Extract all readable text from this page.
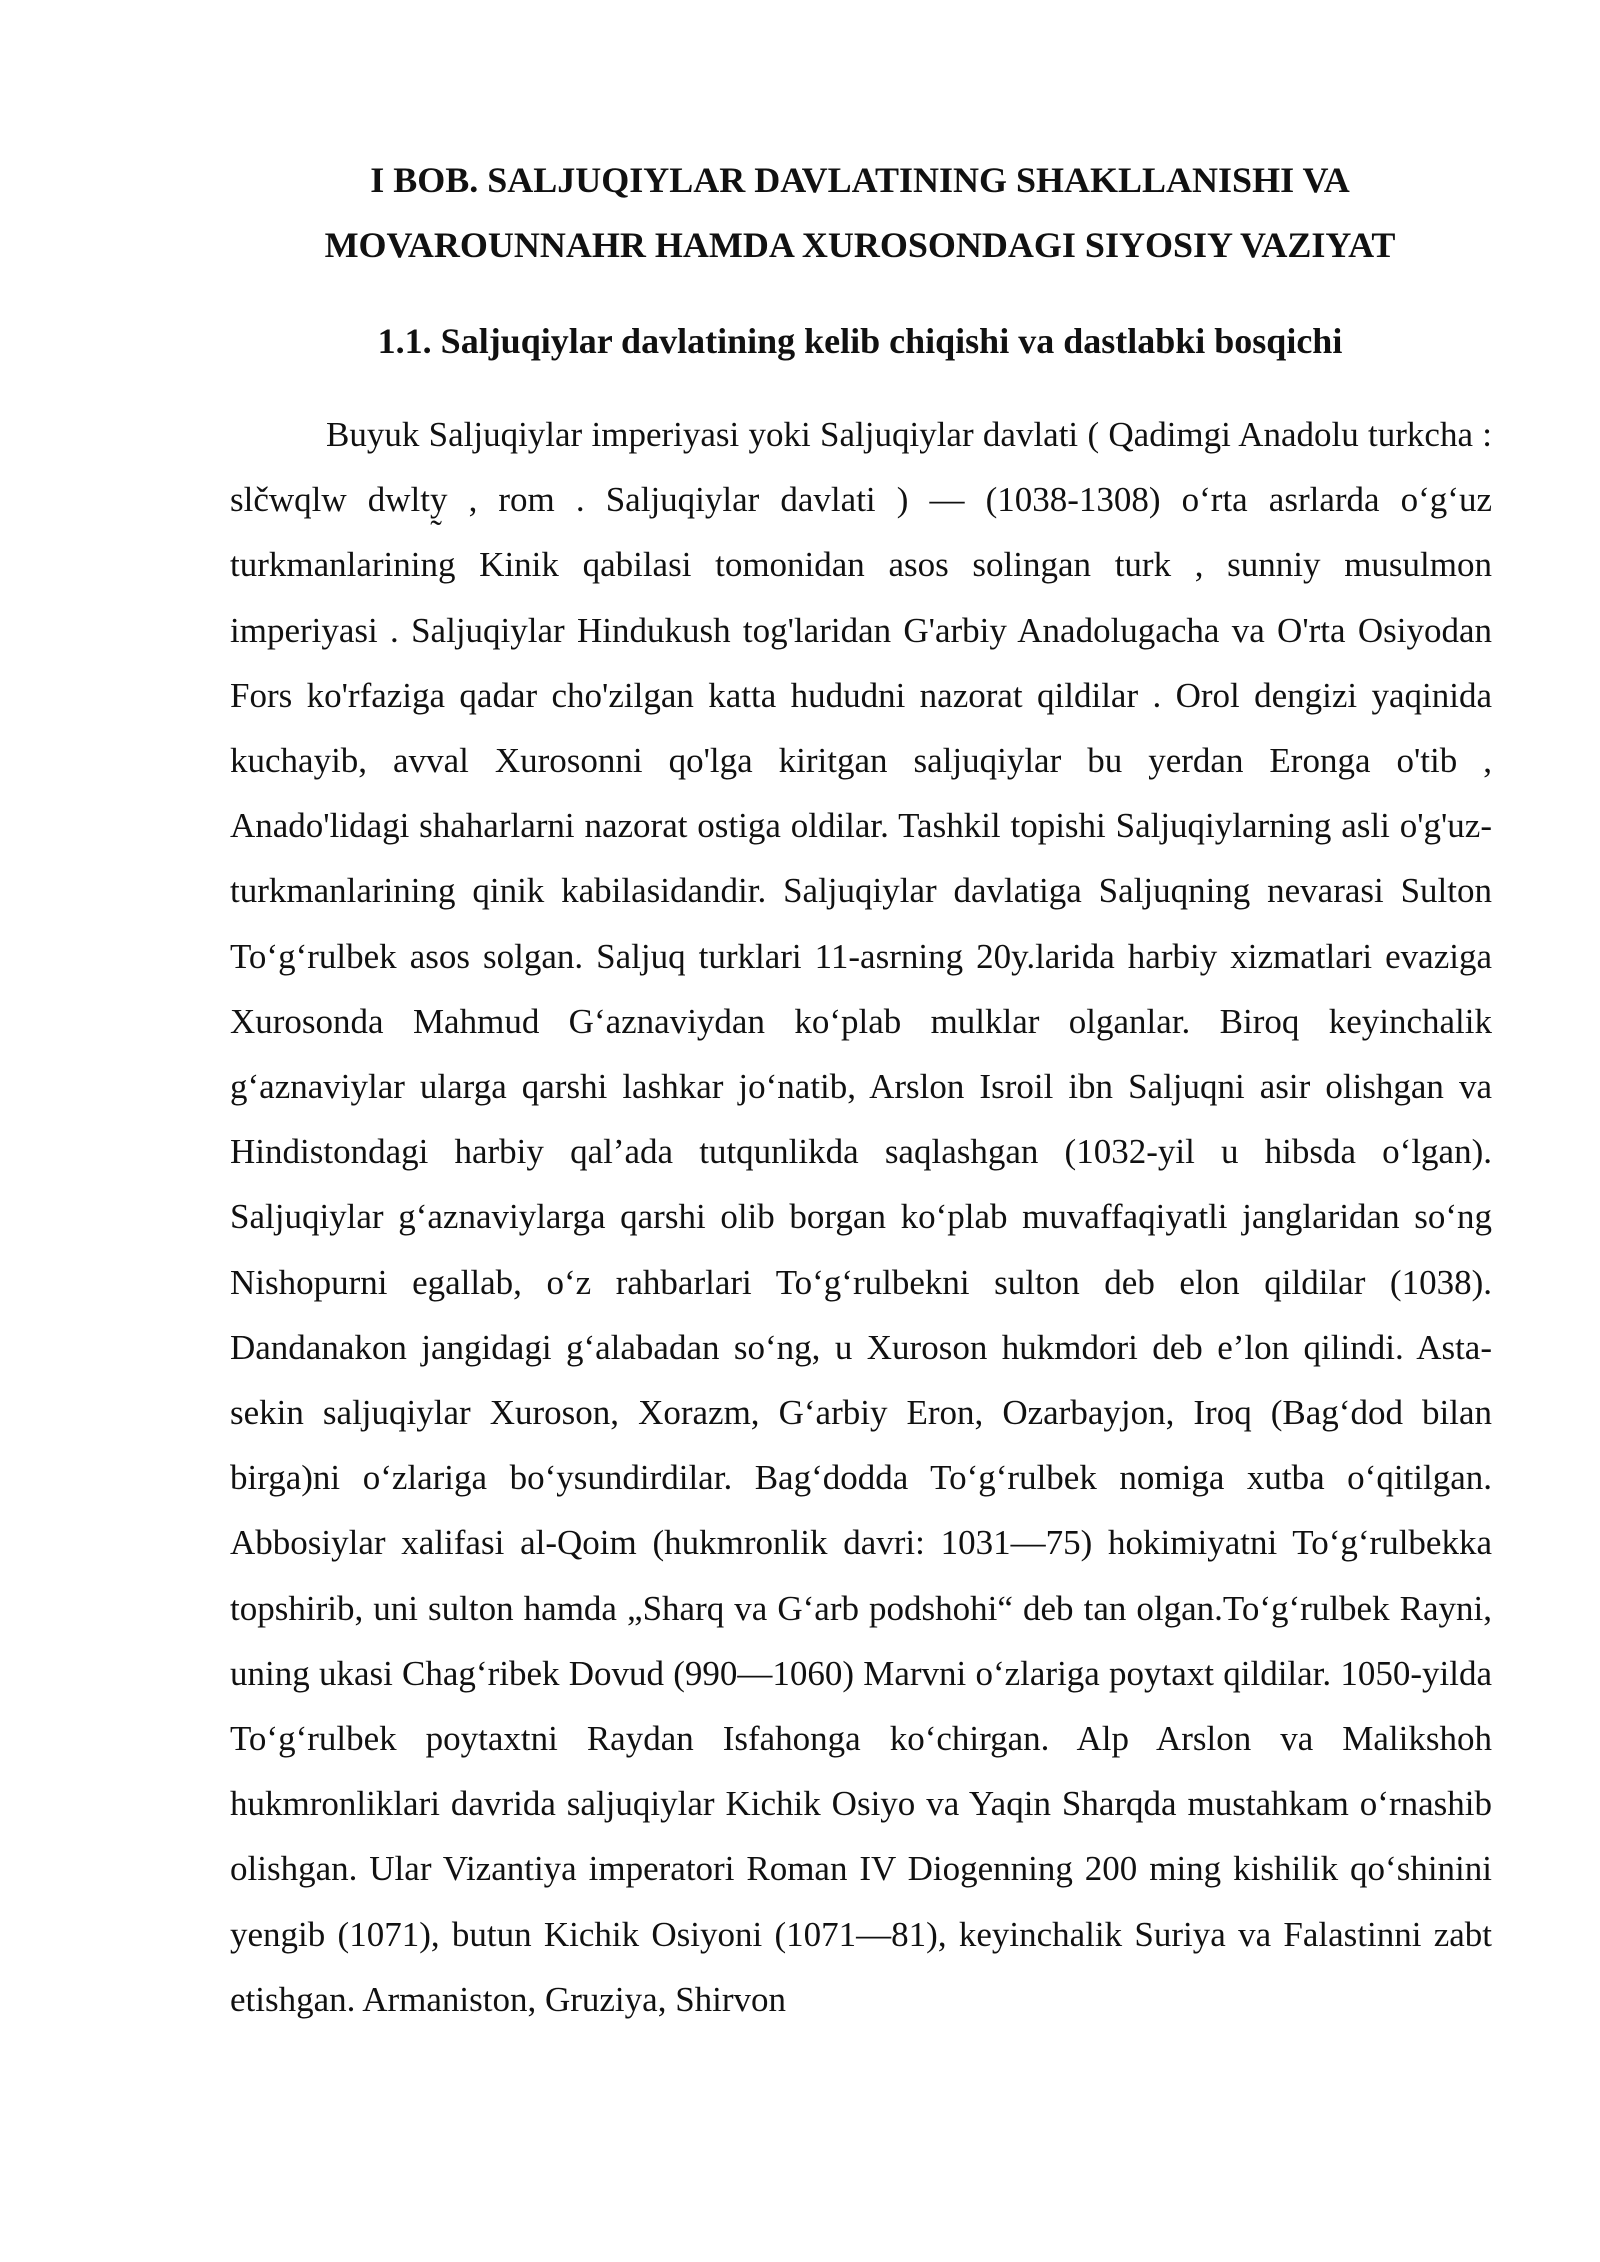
I BOB. SALJUQIYLAR DAVLATINING SHAKLLANISHI VA MOVAROUNNAHR HAMDA XUROSONDAGI SIYOSIY VAZIYAT
1.1. Saljuqiylar davlatining kelib chiqishi va dastlabki bosqichi

Buyuk Saljuqiylar imperiyasi yoki Saljuqiylar davlati ( Qadimgi Anadolu turkcha : slčwqlw dwlty̰ , rom . Saljuqiylar davlati ) — (1038-1308) o‘rta asrlarda o‘g‘uz turkmanlarining Kinik qabilasi tomonidan asos solingan turk , sunniy musulmon imperiyasi . Saljuqiylar Hindukush tog'laridan G'arbiy Anadolugacha va O'rta Osiyodan Fors ko'rfaziga qadar cho'zilgan katta hududni nazorat qildilar . Orol dengizi yaqinida kuchayib, avval Xurosonni qo'lga kiritgan saljuqiylar bu yerdan Eronga o'tib , Anado'lidagi shaharlarni nazorat ostiga oldilar. Tashkil topishi Saljuqiylarning asli o'g'uz-turkmanlarining qinik kabilasidandir. Saljuqiylar davlatiga Saljuqning nevarasi Sulton To‘g‘rulbek asos solgan. Saljuq turklari 11-asrning 20y.larida harbiy xizmatlari evaziga Xurosonda Mahmud G‘aznaviydan ko‘plab mulklar olganlar. Biroq keyinchalik g‘aznaviylar ularga qarshi lashkar jo‘natib, Arslon Isroil ibn Saljuqni asir olishgan va Hindistondagi harbiy qal’ada tutqunlikda saqlashgan (1032-yil u hibsda o‘lgan). Saljuqiylar g‘aznaviylarga qarshi olib borgan ko‘plab muvaffaqiyatli janglaridan so‘ng Nishopurni egallab, o‘z rahbarlari To‘g‘rulbekni sulton deb elon qildilar (1038). Dandanakon jangidagi g‘alabadan so‘ng, u Xuroson hukmdori deb e’lon qilindi. Asta-sekin saljuqiylar Xuroson, Xorazm, G‘arbiy Eron, Ozarbayjon, Iroq (Bag‘dod bilan birga)ni o‘zlariga bo‘ysundirdilar. Bag‘dodda To‘g‘rulbek nomiga xutba o‘qitilgan. Abbosiylar xalifasi al-Qoim (hukmronlik davri: 1031—75) hokimiyatni To‘g‘rulbekka topshirib, uni sulton hamda „Sharq va G‘arb podshohi“ deb tan olgan.To‘g‘rulbek Rayni, uning ukasi Chag‘ribek Dovud (990—1060) Marvni o‘zlariga poytaxt qildilar. 1050-yilda To‘g‘rulbek poytaxtni Raydan Isfahonga ko‘chirgan. Alp Arslon va Malikshoh hukmronliklari davrida saljuqiylar Kichik Osiyo va Yaqin Sharqda mustahkam o‘rnashib olishgan. Ular Vizantiya imperatori Roman IV Diogenning 200 ming kishilik qo‘shinini yengib (1071), butun Kichik Osiyoni (1071—81), keyinchalik Suriya va Falastinni zabt etishgan. Armaniston, Gruziya, Shirvon
